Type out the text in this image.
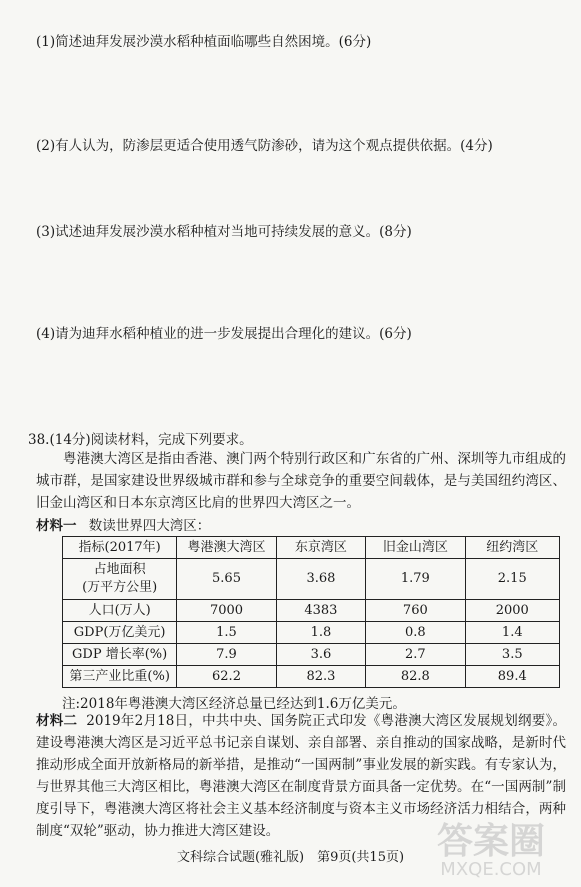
(1)简述迪拜发展沙漠水稻种植面临哪些自然困境。(6分)
(2)有人认为，防渗层更适合使用透气防渗砂，请为这个观点提供依据。(4分)
(3)试述迪拜发展沙漠水稻种植对当地可持续发展的意义。(8分)
(4)请为迪拜水稻种植业的进一步发展提出合理化的建议。(6分)
38.(14分)阅读材料，完成下列要求。
粤港澳大湾区是指由香港、澳门两个特别行政区和广东省的广州、深圳等九市组成的城市群，是国家建设世界级城市群和参与全球竞争的重要空间载体，是与美国纽约湾区、旧金山湾区和日本东京湾区比肩的世界四大湾区之一。
材料一 数读世界四大湾区：
指标(2017年)	粤港澳大湾区	东京湾区	旧金山湾区	纽约湾区

占地面积
(万平方公里)	5.65	3.68	1.79	2.15
人口(万人)	7000	4383	760	2000
GDP(万亿美元)	1.5	1.8	0.8	1.4
GDP 增长率(%)	7.9	3.6	2.7	3.5
第三产业比重(%)	62.2	82.3	82.8	89.4
注:2018年粤港澳大湾区经济总量已经达到1.6万亿美元。
材料二 2019年2月18日，中共中央、国务院正式印发《粤港澳大湾区发展规划纲要》。建设粤港澳大湾区是习近平总书记亲自谋划、亲自部署、亲自推动的国家战略，是新时代推动形成全面开放新格局的新举措，是推动“一国两制”事业发展的新实践。有专家认为，与世界其他三大湾区相比，粤港澳大湾区在制度背景方面具备一定优势。在“一国两制”制度引导下，粤港澳大湾区将社会主义基本经济制度与资本主义市场经济活力相结合，两种制度“双轮”驱动，协力推进大湾区建设。
文科综合试题(雅礼版)　第9页(共15页) 答案圈
MXQE.COM
